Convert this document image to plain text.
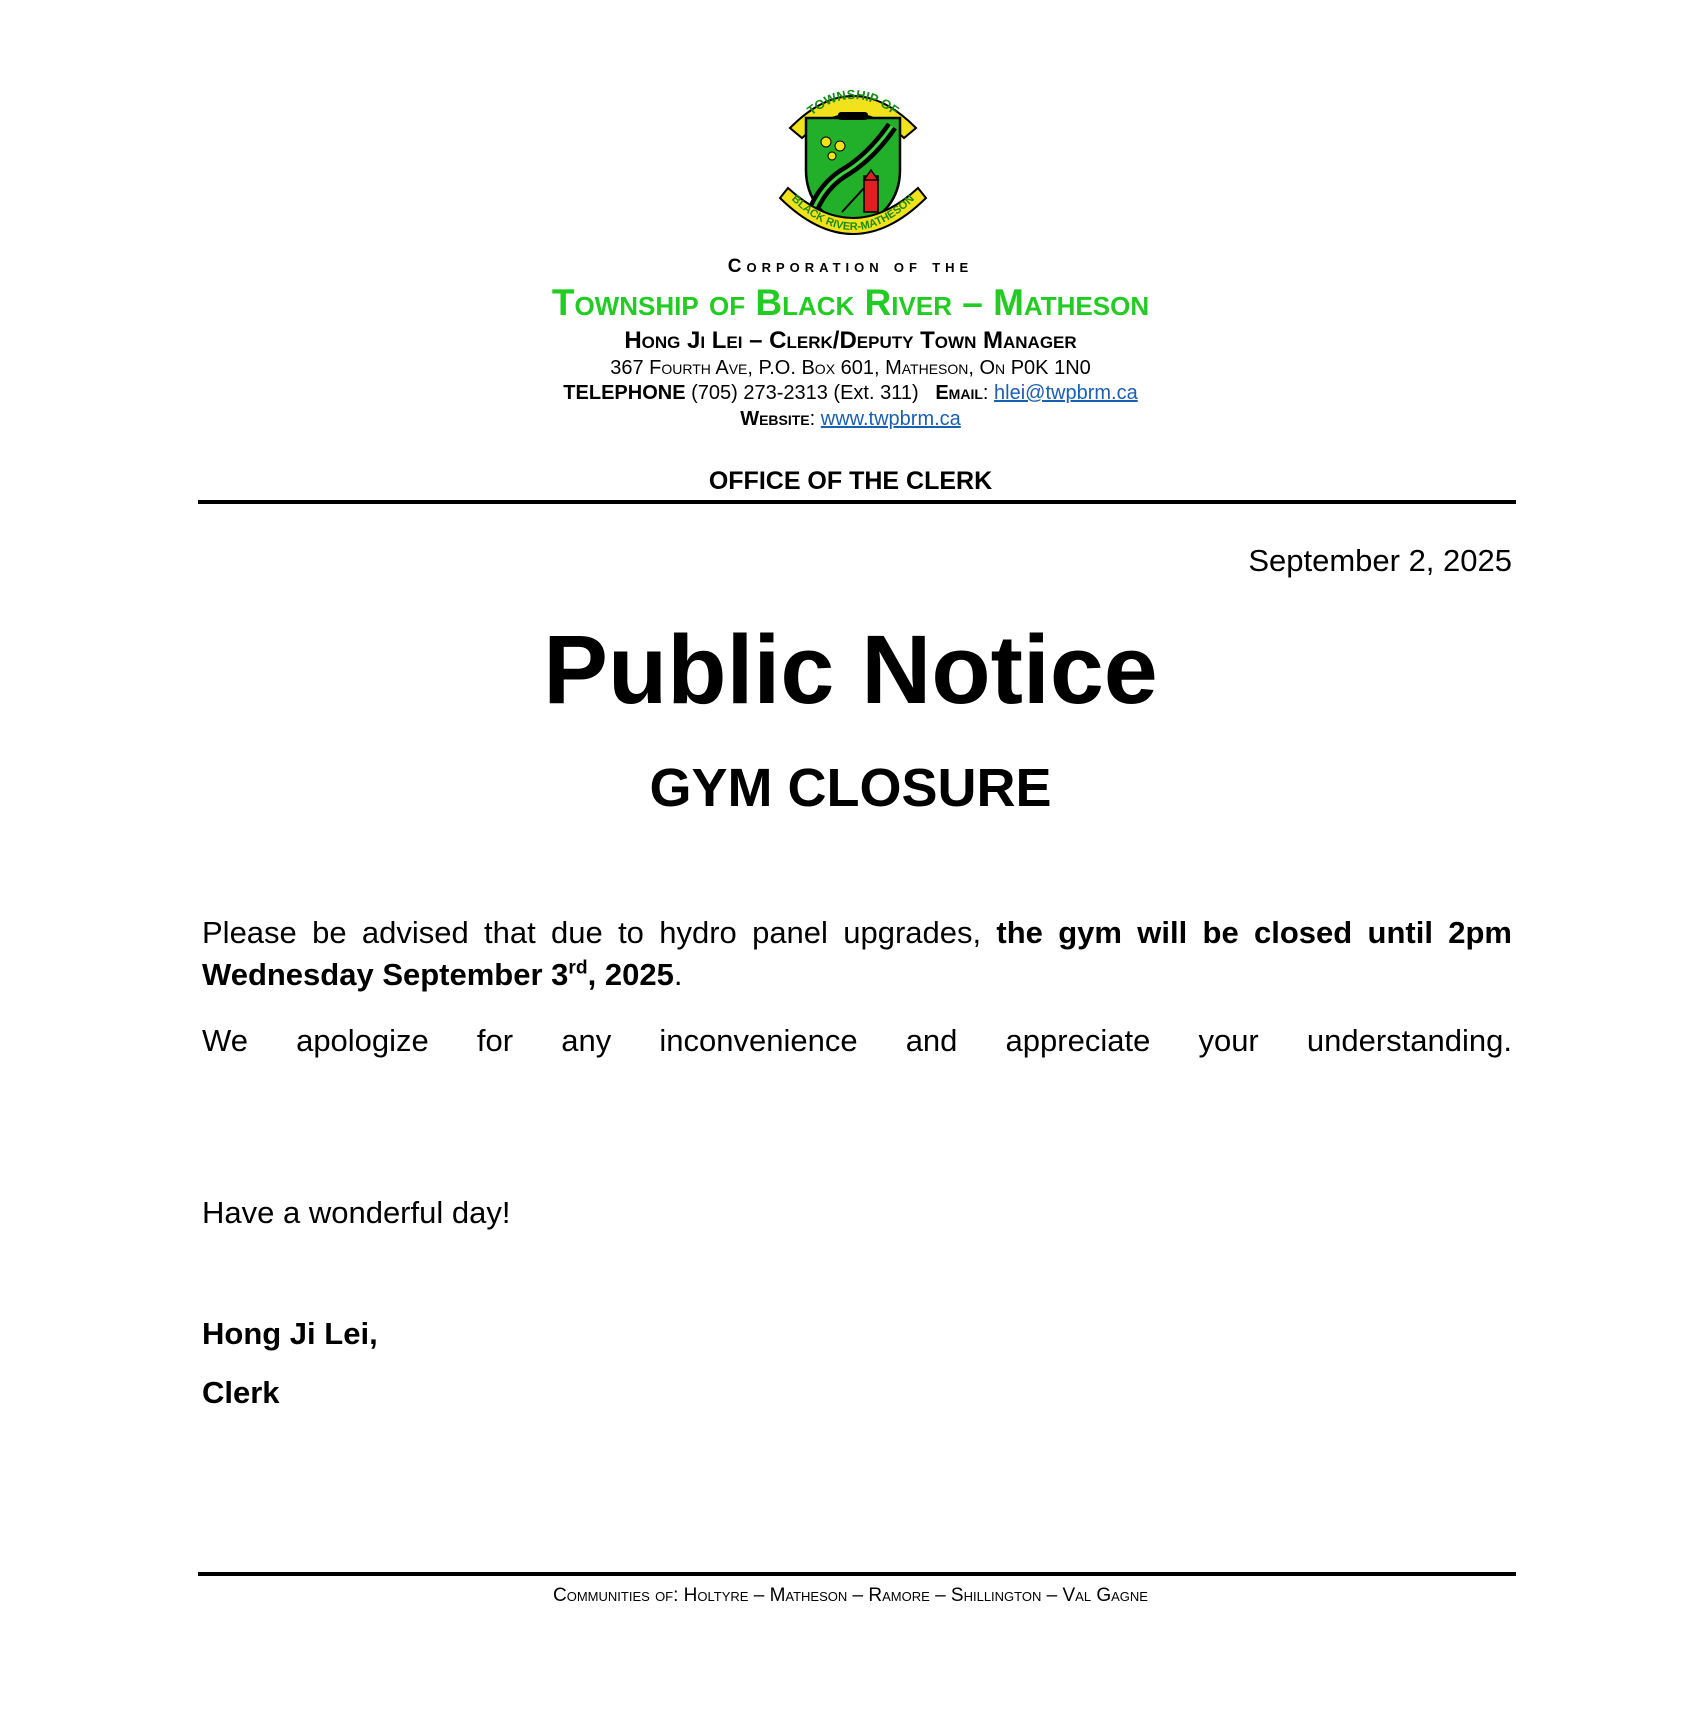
TOWNSHIP OF
BLACK RIVER-MATHESON
Corporation of the
Township of Black River – Matheson
Hong Ji Lei – Clerk/Deputy Town Manager
367 Fourth Ave, P.O. Box 601, Matheson, On P0K 1N0
TELEPHONE (705) 273-2313 (Ext. 311) Email: hlei@twpbrm.ca
Website: www.twpbrm.ca
OFFICE OF THE CLERK
September 2, 2025
Public Notice
GYM CLOSURE
Please be advised that due to hydro panel upgrades, the gym will be closed until 2pm Wednesday September 3rd, 2025.
We apologize for any inconvenience and appreciate your understanding.
Have a wonderful day!
Hong Ji Lei,
Clerk
Communities of: Holtyre – Matheson – Ramore – Shillington – Val Gagne
